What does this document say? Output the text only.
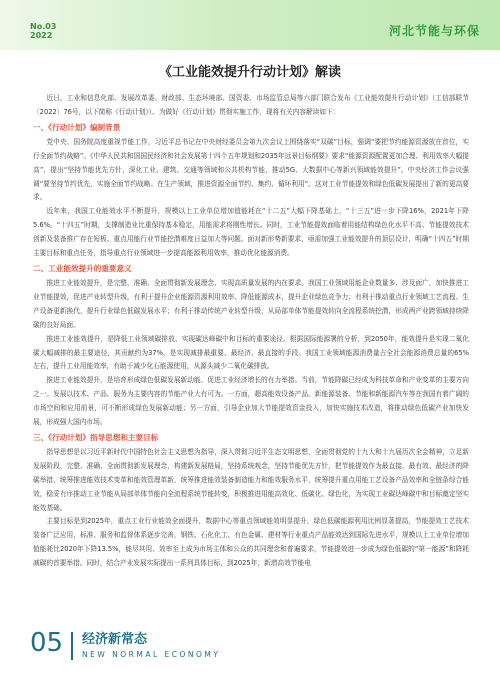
No.03
2022	河北节能与环保
《工业能效提升行动计划》解读

近日，工业和信息化部、发展改革委、财政部、生态环境部、国资委、市场监管总局等六部门联合发布《工业能效提升行动计划》（工信部联节〔2022〕76号，以下简称《行动计划》）。为做好《行动计划》贯彻实施工作，现将有关内容解读如下：

一、《行动计划》编制背景

党中央、国务院高度重视节能工作，习近平总书记在中央财经委员会第九次会议上围绕落实“双碳”目标，强调“要把节约能源资源放在首位，实行全面节约战略”。《中华人民共和国国民经济和社会发展第十四个五年规划和2035年远景目标纲要》要求“能源资源配置更加合理、利用效率大幅提高”，提出“坚持节能优先方针，深化工业、建筑、交通等领域和公共机构节能，推动5G、大数据中心等新兴领域能效提升”。中央经济工作会议强调“要坚持节约优先，实施全面节约战略。在生产领域，推进资源全面节约、集约、循环利用”。这对工业节能提效和绿色低碳发展提出了新的更高要求。

近年来，我国工业能效水平不断提升，规模以上工业单位增加值能耗在“十二五”大幅下降基础上，“十三五”进一步下降16%，2021年下降5.6%。“十四五”时期，支撑制造业比重保持基本稳定，用能需求将刚性增长。同时，工业节能提效面临着用能结构绿色化水平不高、节能提效技术创新及装备推广存在短板、重点用能行业节能挖潜难度日益加大等问题。面对新形势新要求，亟需加强工业能效提升的顶层设计，明确“十四五”时期主要目标和重点任务，指导重点行业领域进一步提高能源利用效率，推动优化能源消费。

二、工业能效提升的重要意义

推进工业能效提升，是完整、准确、全面贯彻新发展理念、实现高质量发展的内在要求。我国工业领域用能企业数量多、涉及面广，加快推进工业节能提效，促进产业转型升级，有利于提升企业能源资源利用效率、降低能源成本，提升企业绿色竞争力；有利于推动重点行业领域工艺流程、生产设备更新换代，提升行业绿色低碳发展水平；有利于推动传统产业转型升级，从局部单体节能提效转向全流程系统挖潜，形成两产业跨领域持续降碳的良好局面。

推进工业能效提升，是降低工业领域碳排放、实现碳达峰碳中和目标的重要途径。根据国际能源署的分析，到2050年，能效提升是实现二氧化碳大幅减排的最主要途径，其贡献约为37%，是实现减排最重要、最经济、最直接的手段。我国工业领域能源消费量占全社会能源消费总量的65%左右，提升工业用能效率，有助于减少化石能源使用，从源头减少二氧化碳排放。

推进工业能效提升，是培育形成绿色低碳发展新动能、促进工业经济增长的有力举措。当前，节能降碳已经成为科技革命和产业变革的主要方向之一。发展以技术、产品、服务为主要内容的节能产业大有可为。一方面，超高能效设备产品、新能源装备、节能和新能源汽车等在我国有着广阔的市场空间和应用前景，可不断形成绿色发展新动能；另一方面，引导企业加大节能提效资金投入，加快实施技术改造，将推动绿色低碳产业加快发展，形成强大国内市场。

三、《行动计划》指导思想和主要目标

指导思想是以习近平新时代中国特色社会主义思想为指导，深入贯彻习近平生态文明思想，全面贯彻党的十九大和十九届历次全会精神，立足新发展阶段，完整、准确、全面贯彻新发展理念，构建新发展格局，坚持系统观念，坚持节能优先方针，把节能提效作为最直接、最有效、最经济的降碳举措，统筹推进能效技术变革和能效管理革新，统筹推进能效装备制造能力和能效服务水平，统筹提升重点用能工艺设备产品效率和全链条综合能效，稳妥有序推动工业节能从局部单体节能向全流程系统节能转变，积极推进用能高效化、低碳化、绿色化，为实现工业碳达峰碳中和目标奠定坚实能效基础。

主要目标是到2025年，重点工业行业能效全面提升，数据中心等重点领域能效明显提升，绿色低碳能源利用比例显著提高，节能提效工艺技术装备广泛应用，标准、服务和监督体系逐步完善，钢铁、石化化工、有色金属、建材等行业重点产品能效达到国际先进水平，规模以上工业单位增加值能耗比2020年下降13.5%，能尽其用、效率至上成为市场主体和公众的共同理念和普遍要求，节能提效进一步成为绿色低碳的“第一能源”和降耗减碳的首要举措。同时，结合产业发展实际提出一系列具体目标，到2025年，新增高效节能电

05 经济新常态
NEW NORMAL ECONOMY
